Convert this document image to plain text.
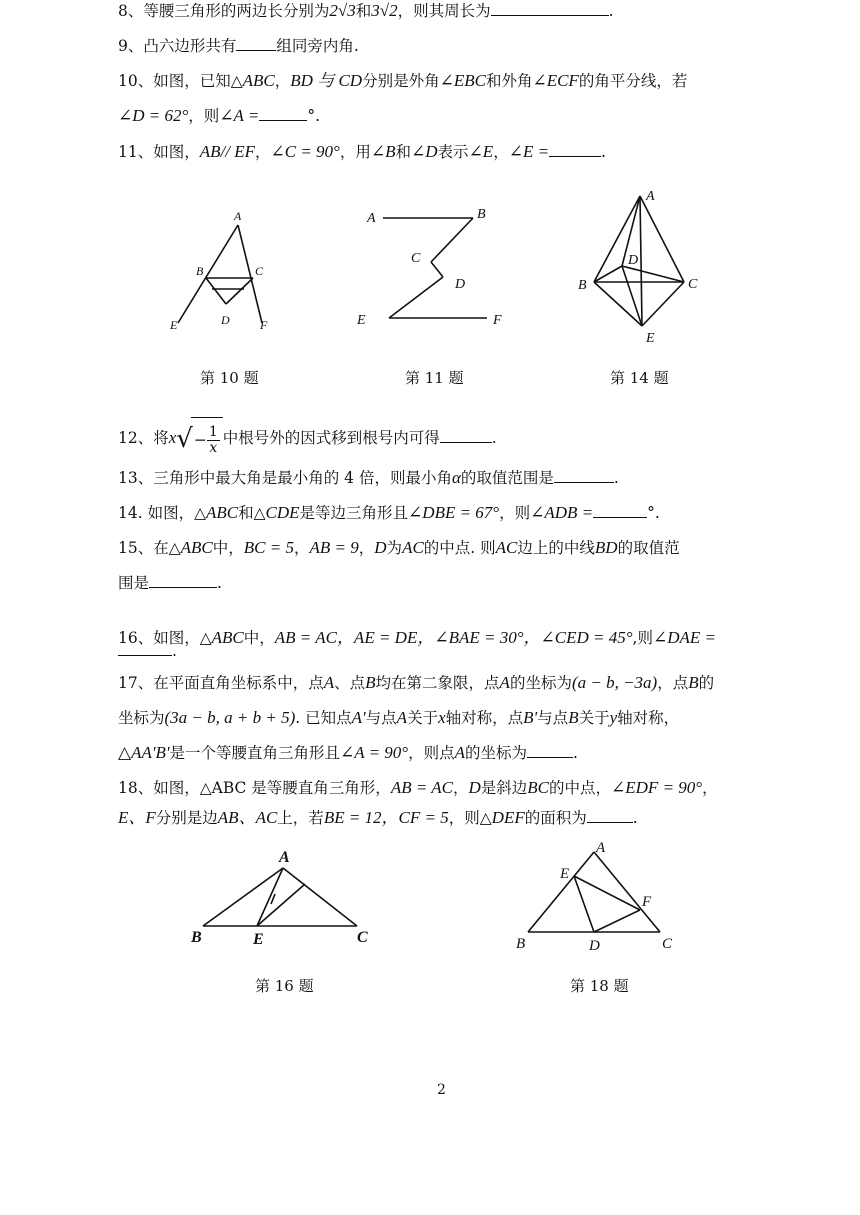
8、等腰三角形的两边长分别为2√3和3√2，则其周长为	.
9、凸六边形共有	组同旁内角.
10、如图，已知△ABC，BD 与 CD分别是外角∠EBC和外角∠ECF的角平分线，若
∠D = 62°，则∠A =	°.
11、如图，AB// EF，∠C = 90°，用∠B和∠D表示∠E，∠E =	.
A
B	C
D
E	F
第 10 题
A	B
C
D
E	F
第 11 题
A
D
B	C
E
第 14 题
12、将$x√- \frac{1}{x}$ 中根号外的因式移到根号内可得	.
13、三角形中最大角是最小角的 4 倍，则最小角α的取值范围是	.
14. 如图，△ABC和△CDE是等边三角形且∠DBE = 67°，则∠ADB =	°.
15、在△ABC中，BC = 5，AB = 9，D为AC的中点. 则AC边上的中线BD的取值范
围是	.
16、如图，△ABC中，AB = AC，AE = DE，∠BAE = 30°，∠CED = 45°,则∠DAE =
.
17、在平面直角坐标系中，点A、点B均在第二象限，点A的坐标为(a − b, −3a)，点B的
坐标为(3a − b, a + b + 5). 已知点A'与点A关于x轴对称，点B'与点B关于y轴对称，
△AA'B'是一个等腰直角三角形且∠A = 90°，则点A的坐标为	.
18、如图，△ABC 是等腰直角三角形，AB = AC，D是斜边BC的中点，∠EDF = 90°，
E、F分别是边AB、AC上，若BE = 12，CF = 5，则△DEF的面积为	.
A
B	E	C
第 16 题
A
E
F
B	D	C
第 18 题
2
